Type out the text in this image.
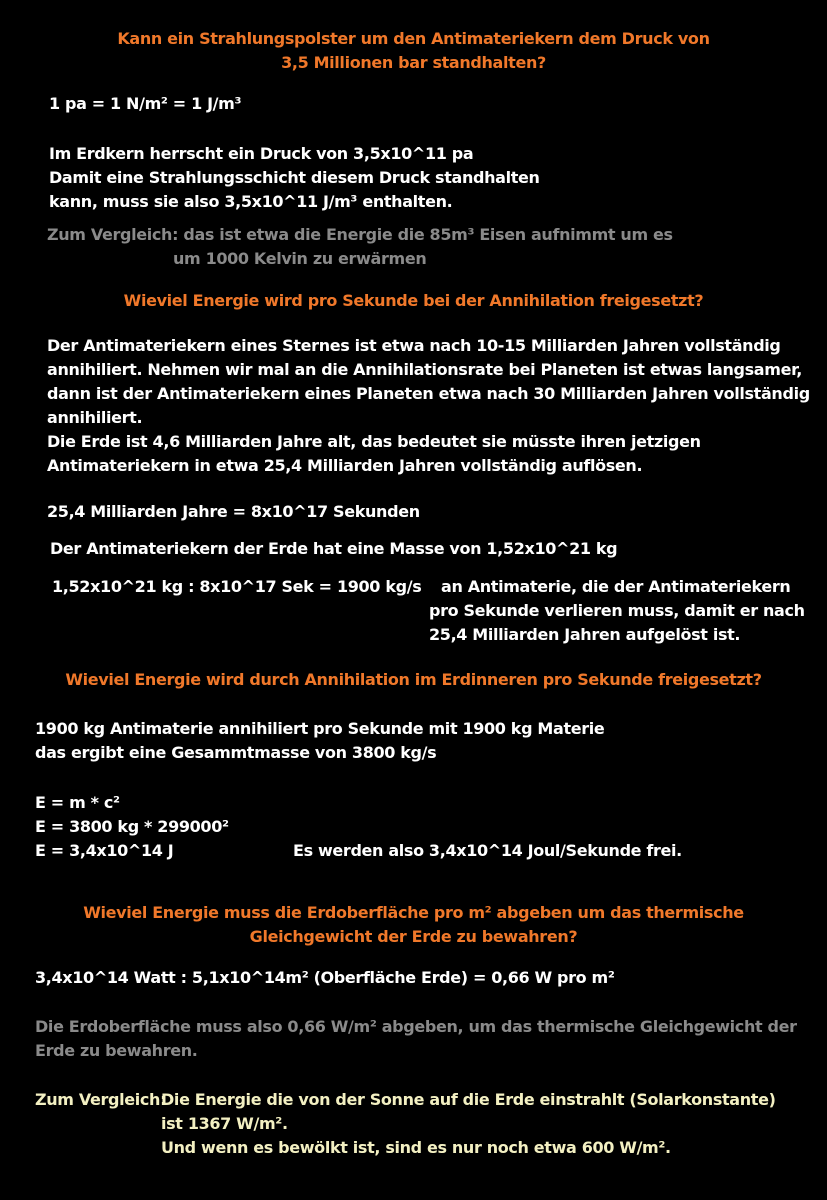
Kann ein Strahlungspolster um den Antimateriekern dem Druck von
3,5 Millionen bar standhalten?
1 pa = 1 N/m² = 1 J/m³
Im Erdkern herrscht ein Druck von 3,5x10^11 pa
Damit eine Strahlungsschicht diesem Druck standhalten
kann, muss sie also 3,5x10^11 J/m³ enthalten.
Zum Vergleich: das ist etwa die Energie die 85m³ Eisen aufnimmt um es
um 1000 Kelvin zu erwärmen
Wieviel Energie wird pro Sekunde bei der Annihilation freigesetzt?
Der Antimateriekern eines Sternes ist etwa nach 10-15 Milliarden Jahren vollständig
annihiliert. Nehmen wir mal an die Annihilationsrate bei Planeten ist etwas langsamer,
dann ist der Antimateriekern eines Planeten etwa nach 30 Milliarden Jahren vollständig
annihiliert.
Die Erde ist 4,6 Milliarden Jahre alt, das bedeutet sie müsste ihren jetzigen
Antimateriekern in etwa 25,4 Milliarden Jahren vollständig auflösen.
25,4 Milliarden Jahre = 8x10^17 Sekunden
Der Antimateriekern der Erde hat eine Masse von 1,52x10^21 kg
1,52x10^21 kg : 8x10^17 Sek = 1900 kg/s an Antimaterie, die der Antimateriekern
pro Sekunde verlieren muss, damit er nach
25,4 Milliarden Jahren aufgelöst ist.
Wieviel Energie wird durch Annihilation im Erdinneren pro Sekunde freigesetzt?
1900 kg Antimaterie annihiliert pro Sekunde mit 1900 kg Materie
das ergibt eine Gesammtmasse von 3800 kg/s
E = m * c²
E = 3800 kg * 299000²
E = 3,4x10^14 J	Es werden also 3,4x10^14 Joul/Sekunde frei.
Wieviel Energie muss die Erdoberfläche pro m² abgeben um das thermische
Gleichgewicht der Erde zu bewahren?
3,4x10^14 Watt : 5,1x10^14m² (Oberfläche Erde) = 0,66 W pro m²
Die Erdoberfläche muss also 0,66 W/m² abgeben, um das thermische Gleichgewicht der
Erde zu bewahren.
Zum Vergleich:
Die Energie die von der Sonne auf die Erde einstrahlt (Solarkonstante)
ist 1367 W/m².
Und wenn es bewölkt ist, sind es nur noch etwa 600 W/m².
